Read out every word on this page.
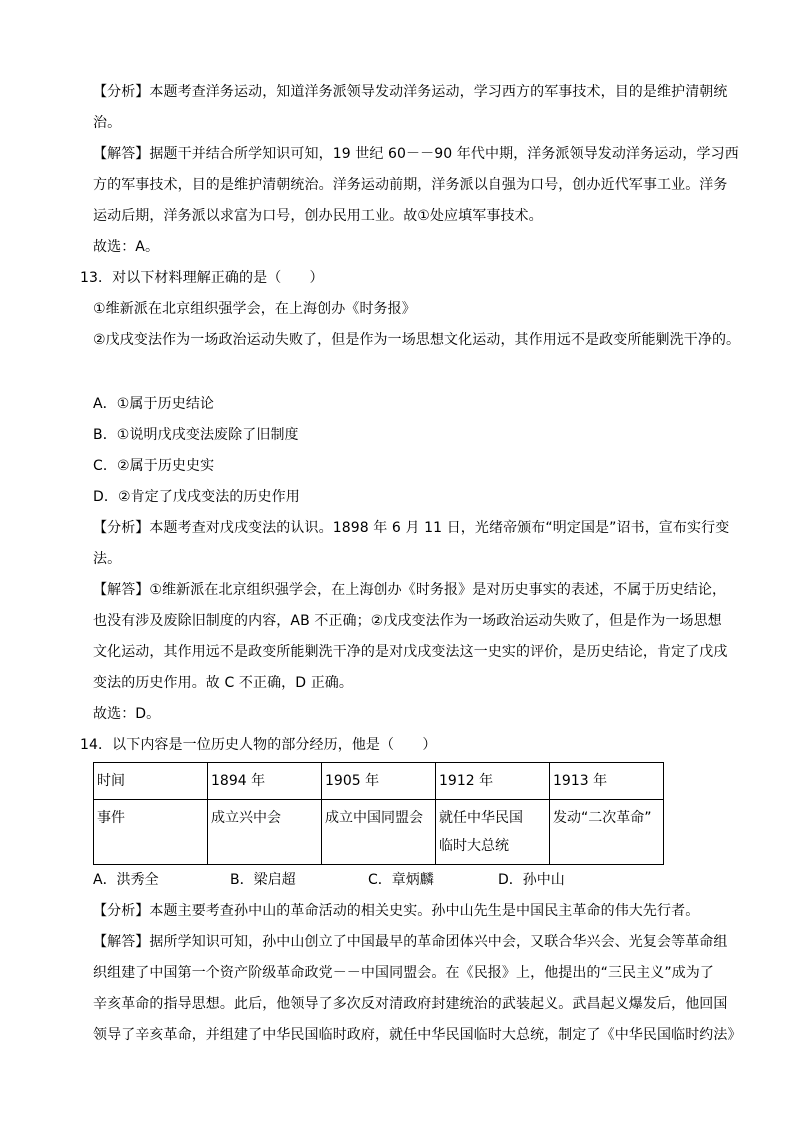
【分析】本题考查洋务运动，知道洋务派领导发动洋务运动，学习西方的军事技术，目的是维护清朝统
治。
【解答】据题干并结合所学知识可知，19 世纪 60－－90 年代中期，洋务派领导发动洋务运动，学习西
方的军事技术，目的是维护清朝统治。洋务运动前期，洋务派以自强为口号，创办近代军事工业。洋务
运动后期，洋务派以求富为口号，创办民用工业。故①处应填军事技术。
故选：A。
13．对以下材料理解正确的是（　　）
①维新派在北京组织强学会，在上海创办《时务报》
②戊戌变法作为一场政治运动失败了，但是作为一场思想文化运动，其作用远不是政变所能剿洗干净的。
A．①属于历史结论
B．①说明戊戌变法废除了旧制度
C．②属于历史史实
D．②肯定了戊戌变法的历史作用
【分析】本题考查对戊戌变法的认识。1898 年 6 月 11 日，光绪帝颁布“明定国是”诏书，宣布实行变
法。
【解答】①维新派在北京组织强学会，在上海创办《时务报》是对历史事实的表述，不属于历史结论，
也没有涉及废除旧制度的内容，AB 不正确；②戊戌变法作为一场政治运动失败了，但是作为一场思想
文化运动，其作用远不是政变所能剿洗干净的是对戊戌变法这一史实的评价，是历史结论，肯定了戊戌
变法的历史作用。故 C 不正确，D 正确。
故选：D。
14．以下内容是一位历史人物的部分经历，他是（　　）
时间	1894 年	1905 年	1912 年	1913 年
事件	成立兴中会	成立中国同盟会	就任中华民国
临时大总统	发动“二次革命”
A．洪秀全	B．梁启超	C．章炳麟	D．孙中山
【分析】本题主要考查孙中山的革命活动的相关史实。孙中山先生是中国民主革命的伟大先行者。
【解答】据所学知识可知，孙中山创立了中国最早的革命团体兴中会，又联合华兴会、光复会等革命组
织组建了中国第一个资产阶级革命政党－－中国同盟会。在《民报》上，他提出的“三民主义”成为了
辛亥革命的指导思想。此后，他领导了多次反对清政府封建统治的武装起义。武昌起义爆发后，他回国
领导了辛亥革命，并组建了中华民国临时政府，就任中华民国临时大总统，制定了《中华民国临时约法》
